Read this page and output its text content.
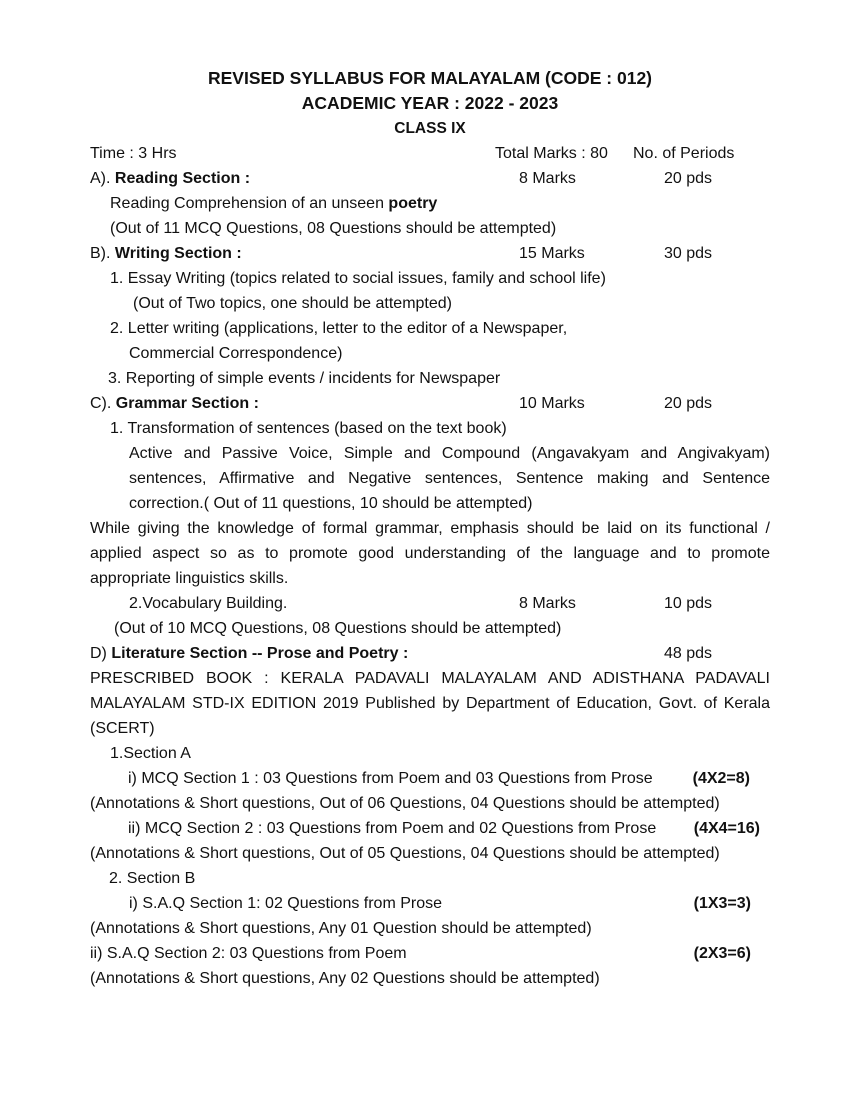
REVISED SYLLABUS FOR MALAYALAM (CODE : 012)
ACADEMIC YEAR : 2022 - 2023
CLASS IX
Time : 3 Hrs	Total Marks : 80 No. of Periods
A). Reading Section :	8 Marks	20 pds
Reading Comprehension of an unseen poetry
(Out of 11 MCQ Questions, 08 Questions should be attempted)
B). Writing Section :	15 Marks	30 pds
1. Essay Writing (topics related to social issues, family and school life)
(Out of Two topics, one should be attempted)
2. Letter writing (applications, letter to the editor of a Newspaper,
Commercial Correspondence)
3. Reporting of simple events / incidents for Newspaper
C). Grammar Section :	10 Marks	20 pds
1. Transformation of sentences (based on the text book)
Active and Passive Voice, Simple and Compound (Angavakyam and Angivakyam) sentences, Affirmative and Negative sentences, Sentence making and Sentence correction.( Out of 11 questions, 10 should be attempted)
While giving the knowledge of formal grammar, emphasis should be laid on its functional / applied aspect so as to promote good understanding of the language and to promote appropriate linguistics skills.
2.Vocabulary Building.	8 Marks	10 pds
(Out of 10 MCQ Questions, 08 Questions should be attempted)
D) Literature Section -- Prose and Poetry :	48 pds
PRESCRIBED BOOK : KERALA PADAVALI MALAYALAM AND ADISTHANA PADAVALI MALAYALAM STD-IX EDITION 2019 Published by Department of Education, Govt. of Kerala (SCERT)
1.Section A
i) MCQ Section 1 : 03 Questions from Poem and 03 Questions from Prose (4X2=8)
(Annotations & Short questions, Out of 06 Questions, 04 Questions should be attempted)
ii) MCQ Section 2 : 03 Questions from Poem and 02 Questions from Prose (4X4=16)
(Annotations & Short questions, Out of 05 Questions, 04 Questions should be attempted)
2. Section B
i) S.A.Q Section 1: 02 Questions from Prose	(1X3=3)
(Annotations & Short questions, Any 01 Question should be attempted)
ii) S.A.Q Section 2: 03 Questions from Poem	(2X3=6)
(Annotations & Short questions, Any 02 Questions should be attempted)
